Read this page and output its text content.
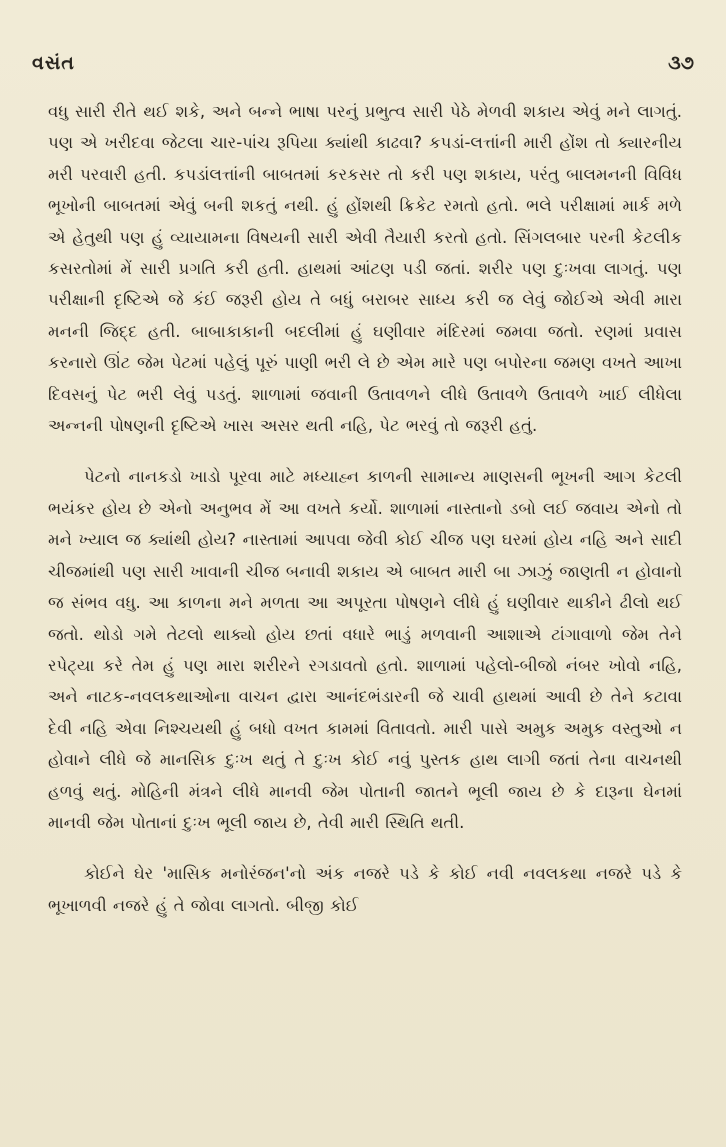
વસંત	૩૭

વધુ સારી રીતે થઈ શકે, અને બન્ને ભાષા પરનું પ્રભુત્વ સારી પેઠે મેળવી શકાય એવું મને લાગતું. પણ એ ખરીદવા જેટલા ચાર-પાંચ રૂપિયા ક્યાંથી કાઢવા? કપડાં-લત્તાંની મારી હોંશ તો ક્યારનીય મરી પરવારી હતી. કપડાંલત્તાંની બાબતમાં કરકસર તો કરી પણ શકાય, પરંતુ બાલમનની વિવિધ ભૂખોની બાબતમાં એવું બની શકતું નથી. હું હોંશથી ક્રિકેટ રમતો હતો. ભલે પરીક્ષામાં માર્ક મળે એ હેતુથી પણ હું વ્યાયામના વિષયની સારી એવી તૈયારી કરતો હતો. સિંગલબાર પરની કેટલીક કસરતોમાં મેં સારી પ્રગતિ કરી હતી. હાથમાં આંટણ પડી જતાં. શરીર પણ દુઃખવા લાગતું. પણ પરીક્ષાની દૃષ્ટિએ જે કંઈ જરૂરી હોય તે બધું બરાબર સાધ્ય કરી જ લેવું જોઈએ એવી મારા મનની જિદ્દ હતી. બાબાકાકાની બદલીમાં હું ઘણીવાર મંદિરમાં જમવા જતો. રણમાં પ્રવાસ કરનારો ઊંટ જેમ પેટમાં પહેલું પૂરું પાણી ભરી લે છે એમ મારે પણ બપોરના જમણ વખતે આખા દિવસનું પેટ ભરી લેવું પડતું. શાળામાં જવાની ઉતાવળને લીધે ઉતાવળે ઉતાવળે ખાઈ લીધેલા અન્નની પોષણની દૃષ્ટિએ ખાસ અસર થતી નહિ, પેટ ભરવું તો જરૂરી હતું.

પેટનો નાનકડો ખાડો પૂરવા માટે મધ્યાહ્ન કાળની સામાન્ય માણસની ભૂખની આગ કેટલી ભયંકર હોય છે એનો અનુભવ મેં આ વખતે કર્યો. શાળામાં નાસ્તાનો ડબો લઈ જવાય એનો તો મને ખ્યાલ જ ક્યાંથી હોય? નાસ્તામાં આપવા જેવી કોઈ ચીજ પણ ઘરમાં હોય નહિ અને સાદી ચીજમાંથી પણ સારી ખાવાની ચીજ બનાવી શકાય એ બાબત મારી બા ઝાઝું જાણતી ન હોવાનો જ સંભવ વધુ. આ કાળના મને મળતા આ અપૂરતા પોષણને લીધે હું ઘણીવાર થાકીને ઢીલો થઈ જતો. થોડો ગમે તેટલો થાક્યો હોય છતાં વધારે ભાડું મળવાની આશાએ ટાંગાવાળો જેમ તેને રપેટ્યા કરે તેમ હું પણ મારા શરીરને રગડાવતો હતો. શાળામાં પહેલો-બીજો નંબર ખોવો નહિ, અને નાટક-નવલકથાઓના વાચન દ્વારા આનંદભંડારની જે ચાવી હાથમાં આવી છે તેને કટાવા દેવી નહિ એવા નિશ્ચયથી હું બધો વખત કામમાં વિતાવતો. મારી પાસે અમુક અમુક વસ્તુઓ ન હોવાને લીધે જે માનસિક દુઃખ થતું તે દુઃખ કોઈ નવું પુસ્તક હાથ લાગી જતાં તેના વાચનથી હળવું થતું. મોહિની મંત્રને લીધે માનવી જેમ પોતાની જાતને ભૂલી જાય છે કે દારૂના ઘેનમાં માનવી જેમ પોતાનાં દુઃખ ભૂલી જાય છે, તેવી મારી સ્થિતિ થતી.

કોઈને ઘેર 'માસિક મનોરંજન'નો અંક નજરે પડે કે કોઈ નવી નવલકથા નજરે પડે કે ભૂખાળવી નજરે હું તે જોવા લાગતો. બીજી કોઈ
